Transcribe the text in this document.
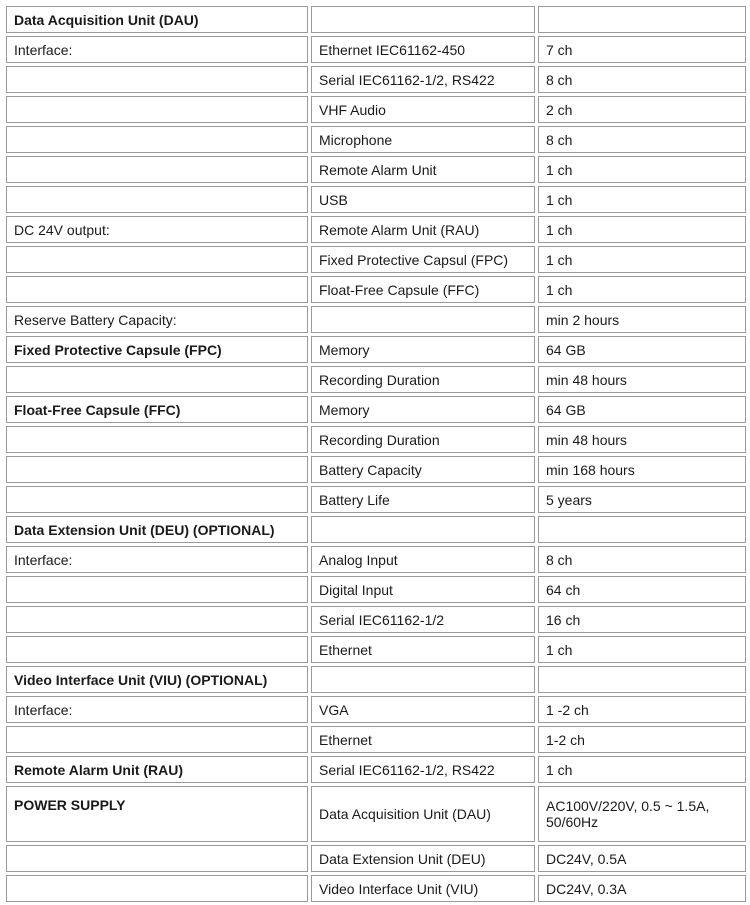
Data Acquisition Unit (DAU)		
Interface:	Ethernet IEC61162-450	7 ch
	Serial IEC61162-1/2, RS422	8 ch
	VHF Audio	2 ch
	Microphone	8 ch
	Remote Alarm Unit	1 ch
	USB	1 ch
DC 24V output:	Remote Alarm Unit (RAU)	1 ch
	Fixed Protective Capsul (FPC)	1 ch
	Float-Free Capsule (FFC)	1 ch
Reserve Battery Capacity:		min 2 hours
Fixed Protective Capsule (FPC)	Memory	64 GB
	Recording Duration	min 48 hours
Float-Free Capsule (FFC)	Memory	64 GB
	Recording Duration	min 48 hours
	Battery Capacity	min 168 hours
	Battery Life	5 years
Data Extension Unit (DEU) (OPTIONAL)		
Interface:	Analog Input	8 ch
	Digital Input	64 ch
	Serial IEC61162-1/2	16 ch
	Ethernet	1 ch
Video Interface Unit (VIU) (OPTIONAL)		
Interface:	VGA	1 -2 ch
	Ethernet	1-2 ch
Remote Alarm Unit (RAU)	Serial IEC61162-1/2, RS422	1 ch
POWER SUPPLY	Data Acquisition Unit (DAU)	AC100V/220V, 0.5 ~ 1.5A, 50/60Hz
	Data Extension Unit (DEU)	DC24V, 0.5A
	Video Interface Unit (VIU)	DC24V, 0.3A
